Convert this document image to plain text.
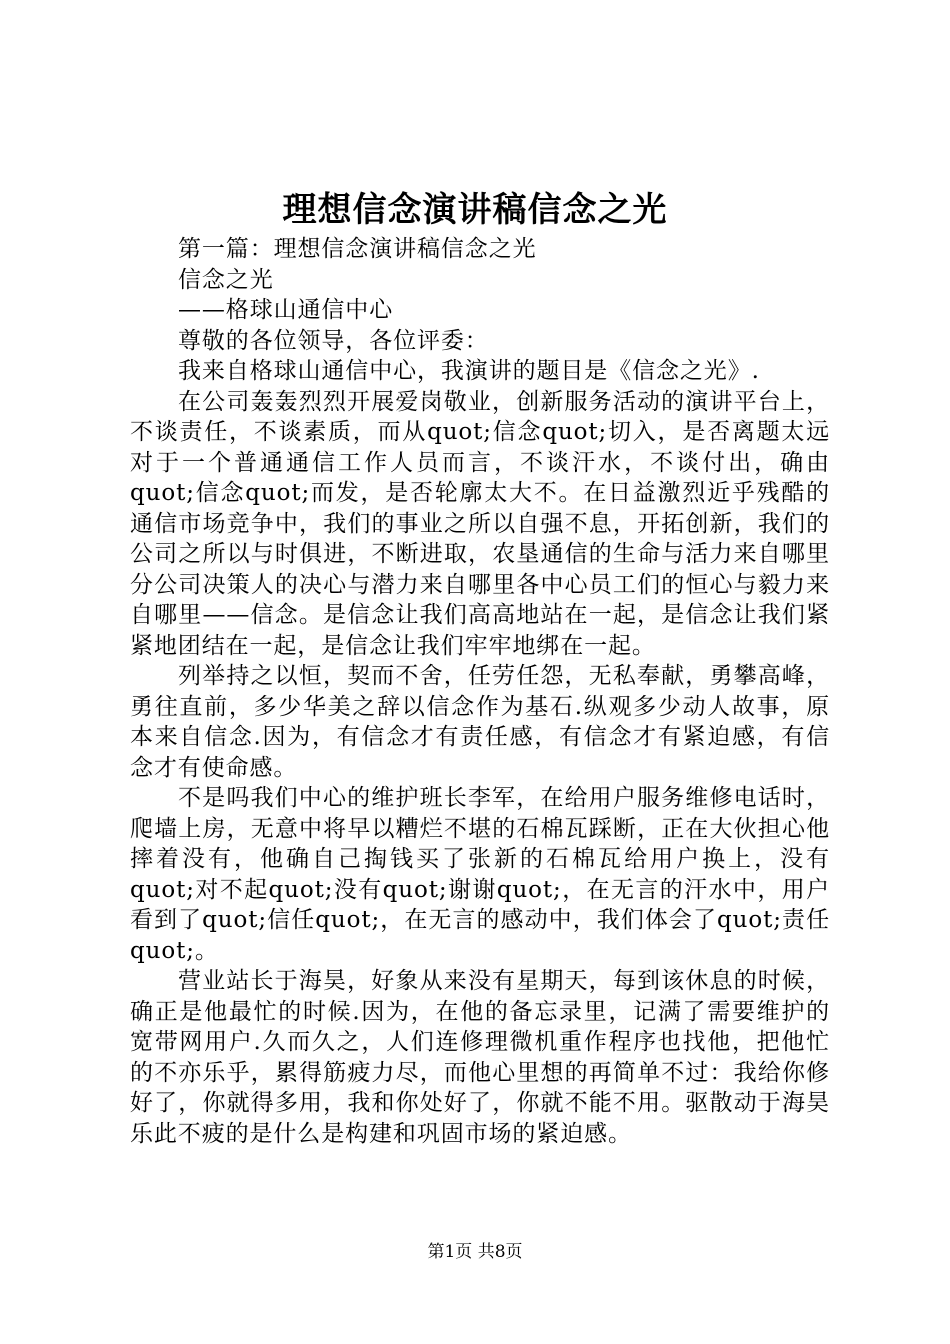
理想信念演讲稿信念之光

第一篇：理想信念演讲稿信念之光

信念之光

——格球山通信中心

尊敬的各位领导，各位评委：

我来自格球山通信中心，我演讲的题目是《信念之光》.

在公司轰轰烈烈开展爱岗敬业，创新服务活动的演讲平台上，不谈责任，不谈素质，而从quot;信念quot;切入，是否离题太远对于一个普通通信工作人员而言，不谈汗水，不谈付出，确由quot;信念quot;而发，是否轮廓太大不。在日益激烈近乎残酷的通信市场竞争中，我们的事业之所以自强不息，开拓创新，我们的公司之所以与时俱进，不断进取，农垦通信的生命与活力来自哪里分公司决策人的决心与潜力来自哪里各中心员工们的恒心与毅力来自哪里——信念。是信念让我们高高地站在一起，是信念让我们紧紧地团结在一起，是信念让我们牢牢地绑在一起。

列举持之以恒，契而不舍，任劳任怨，无私奉献，勇攀高峰，勇往直前，多少华美之辞以信念作为基石.纵观多少动人故事，原本来自信念.因为，有信念才有责任感，有信念才有紧迫感，有信念才有使命感。

不是吗我们中心的维护班长李军，在给用户服务维修电话时，爬墙上房，无意中将早以糟烂不堪的石棉瓦踩断，正在大伙担心他摔着没有，他确自己掏钱买了张新的石棉瓦给用户换上，没有quot;对不起quot;没有quot;谢谢quot;，在无言的汗水中，用户看到了quot;信任quot;，在无言的感动中，我们体会了quot;责任quot;。

营业站长于海昊，好象从来没有星期天，每到该休息的时候，确正是他最忙的时候.因为，在他的备忘录里，记满了需要维护的宽带网用户.久而久之，人们连修理微机重作程序也找他，把他忙的不亦乐乎，累得筋疲力尽，而他心里想的再简单不过：我给你修好了，你就得多用，我和你处好了，你就不能不用。驱散动于海昊乐此不疲的是什么是构建和巩固市场的紧迫感。

第1页 共8页
